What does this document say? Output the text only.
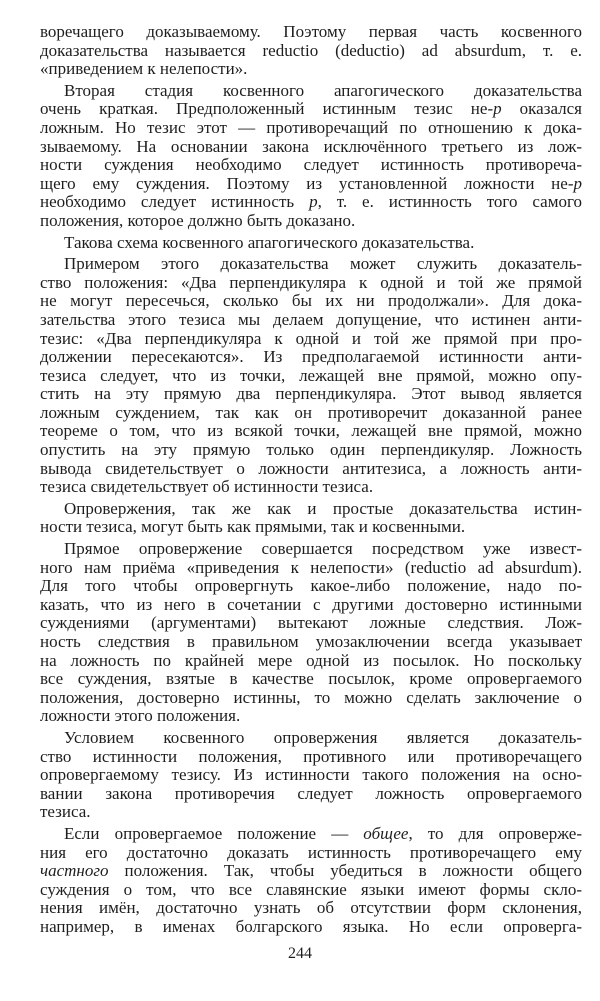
воречащего доказываемому. Поэтому первая часть косвенного
доказательства называется reductio (deductio) ad absurdum, т. е.
«приведением к нелепости».
Вторая стадия косвенного апагогического доказательства
очень краткая. Предположенный истинным тезис не-p оказался
ложным. Но тезис этот — противоречащий по отношению к дока-
зываемому. На основании закона исключённого третьего из лож-
ности суждения необходимо следует истинность противореча-
щего ему суждения. Поэтому из установленной ложности не-p
необходимо следует истинность p, т. е. истинность того самого
положения, которое должно быть доказано.
Такова схема косвенного апагогического доказательства.
Примером этого доказательства может служить доказатель-
ство положения: «Два перпендикуляра к одной и той же прямой
не могут пересечься, сколько бы их ни продолжали». Для дока-
зательства этого тезиса мы делаем допущение, что истинен анти-
тезис: «Два перпендикуляра к одной и той же прямой при про-
должении пересекаются». Из предполагаемой истинности анти-
тезиса следует, что из точки, лежащей вне прямой, можно опу-
стить на эту прямую два перпендикуляра. Этот вывод является
ложным суждением, так как он противоречит доказанной ранее
теореме о том, что из всякой точки, лежащей вне прямой, можно
опустить на эту прямую только один перпендикуляр. Ложность
вывода свидетельствует о ложности антитезиса, а ложность анти-
тезиса свидетельствует об истинности тезиса.
Опровержения, так же как и простые доказательства истин-
ности тезиса, могут быть как прямыми, так и косвенными.
Прямое опровержение совершается посредством уже извест-
ного нам приёма «приведения к нелепости» (reductio ad absurdum).
Для того чтобы опровергнуть какое-либо положение, надо по-
казать, что из него в сочетании с другими достоверно истинными
суждениями (аргументами) вытекают ложные следствия. Лож-
ность следствия в правильном умозаключении всегда указывает
на ложность по крайней мере одной из посылок. Но поскольку
все суждения, взятые в качестве посылок, кроме опровергаемого
положения, достоверно истинны, то можно сделать заключение о
ложности этого положения.
Условием косвенного опровержения является доказатель-
ство истинности положения, противного или противоречащего
опровергаемому тезису. Из истинности такого положения на осно-
вании закона противоречия следует ложность опровергаемого
тезиса.
Если опровергаемое положение — общее, то для опроверже-
ния его достаточно доказать истинность противоречащего ему
частного положения. Так, чтобы убедиться в ложности общего
суждения о том, что все славянские языки имеют формы скло-
нения имён, достаточно узнать об отсутствии форм склонения,
например, в именах болгарского языка. Но если опроверга-
244
